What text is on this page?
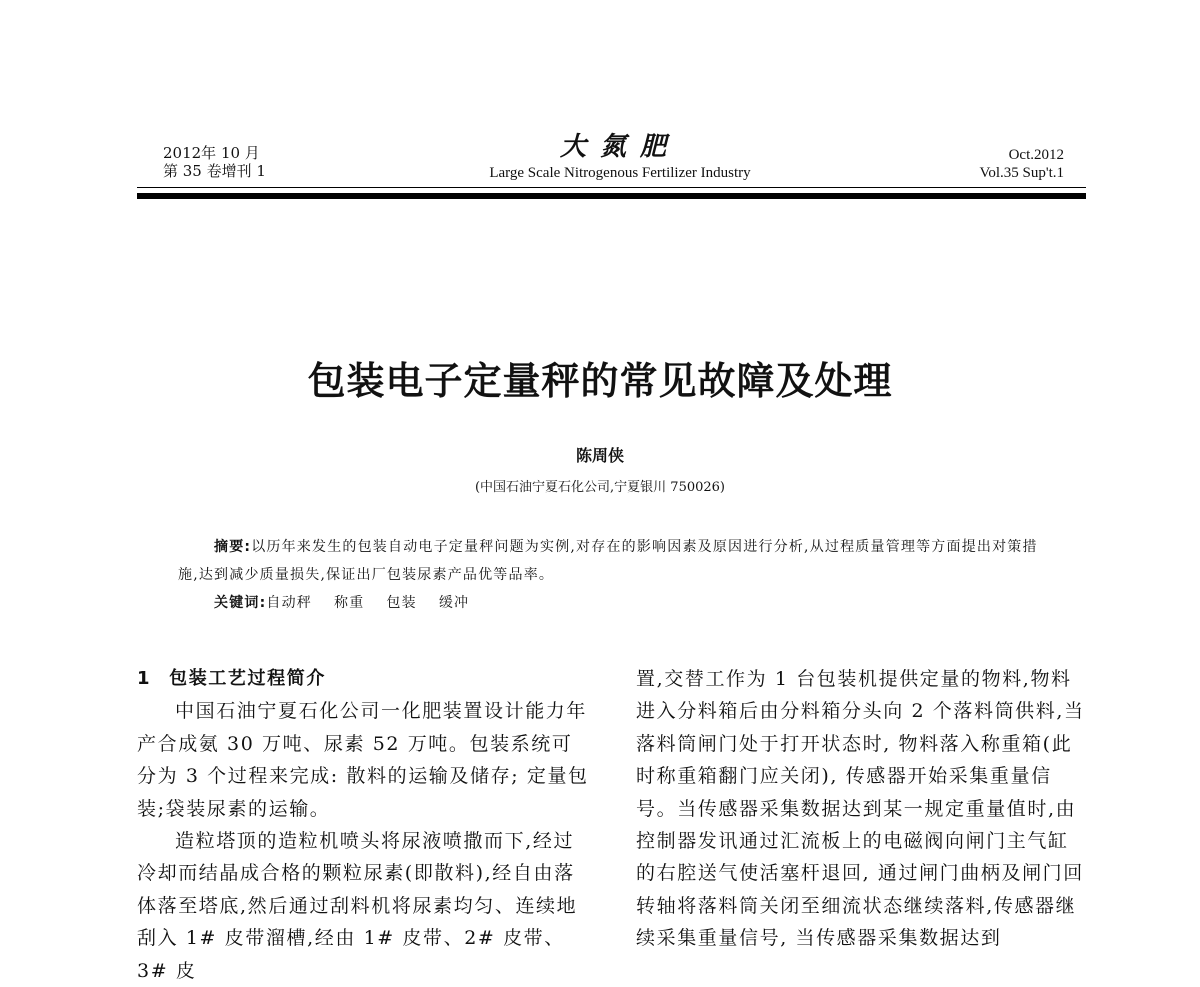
2012年 10 月
第 35 卷增刊 1
大氮肥
Large Scale Nitrogenous Fertilizer Industry
Oct.2012
Vol.35 Sup't.1
包装电子定量秤的常见故障及处理
陈周侠
(中国石油宁夏石化公司,宁夏银川 750026)

摘要:以历年来发生的包装自动电子定量秤问题为实例,对存在的影响因素及原因进行分析,从过程质量管理等方面提出对策措施,达到减少质量损失,保证出厂包装尿素产品优等品率。

关键词:自动秤 称重 包装 缓冲

1 包装工艺过程简介

中国石油宁夏石化公司一化肥装置设计能力年产合成氨 30 万吨、尿素 52 万吨。包装系统可分为 3 个过程来完成: 散料的运输及储存; 定量包装;袋装尿素的运输。

造粒塔顶的造粒机喷头将尿液喷撒而下,经过冷却而结晶成合格的颗粒尿素(即散料),经自由落体落至塔底,然后通过刮料机将尿素均匀、连续地刮入 1# 皮带溜槽,经由 1# 皮带、2# 皮带、3# 皮

置,交替工作为 1 台包装机提供定量的物料,物料进入分料箱后由分料箱分头向 2 个落料筒供料,当落料筒闸门处于打开状态时, 物料落入称重箱(此时称重箱翻门应关闭), 传感器开始采集重量信号。当传感器采集数据达到某一规定重量值时,由控制器发讯通过汇流板上的电磁阀向闸门主气缸的右腔送气使活塞杆退回, 通过闸门曲柄及闸门回转轴将落料筒关闭至细流状态继续落料,传感器继续采集重量信号, 当传感器采集数据达到
